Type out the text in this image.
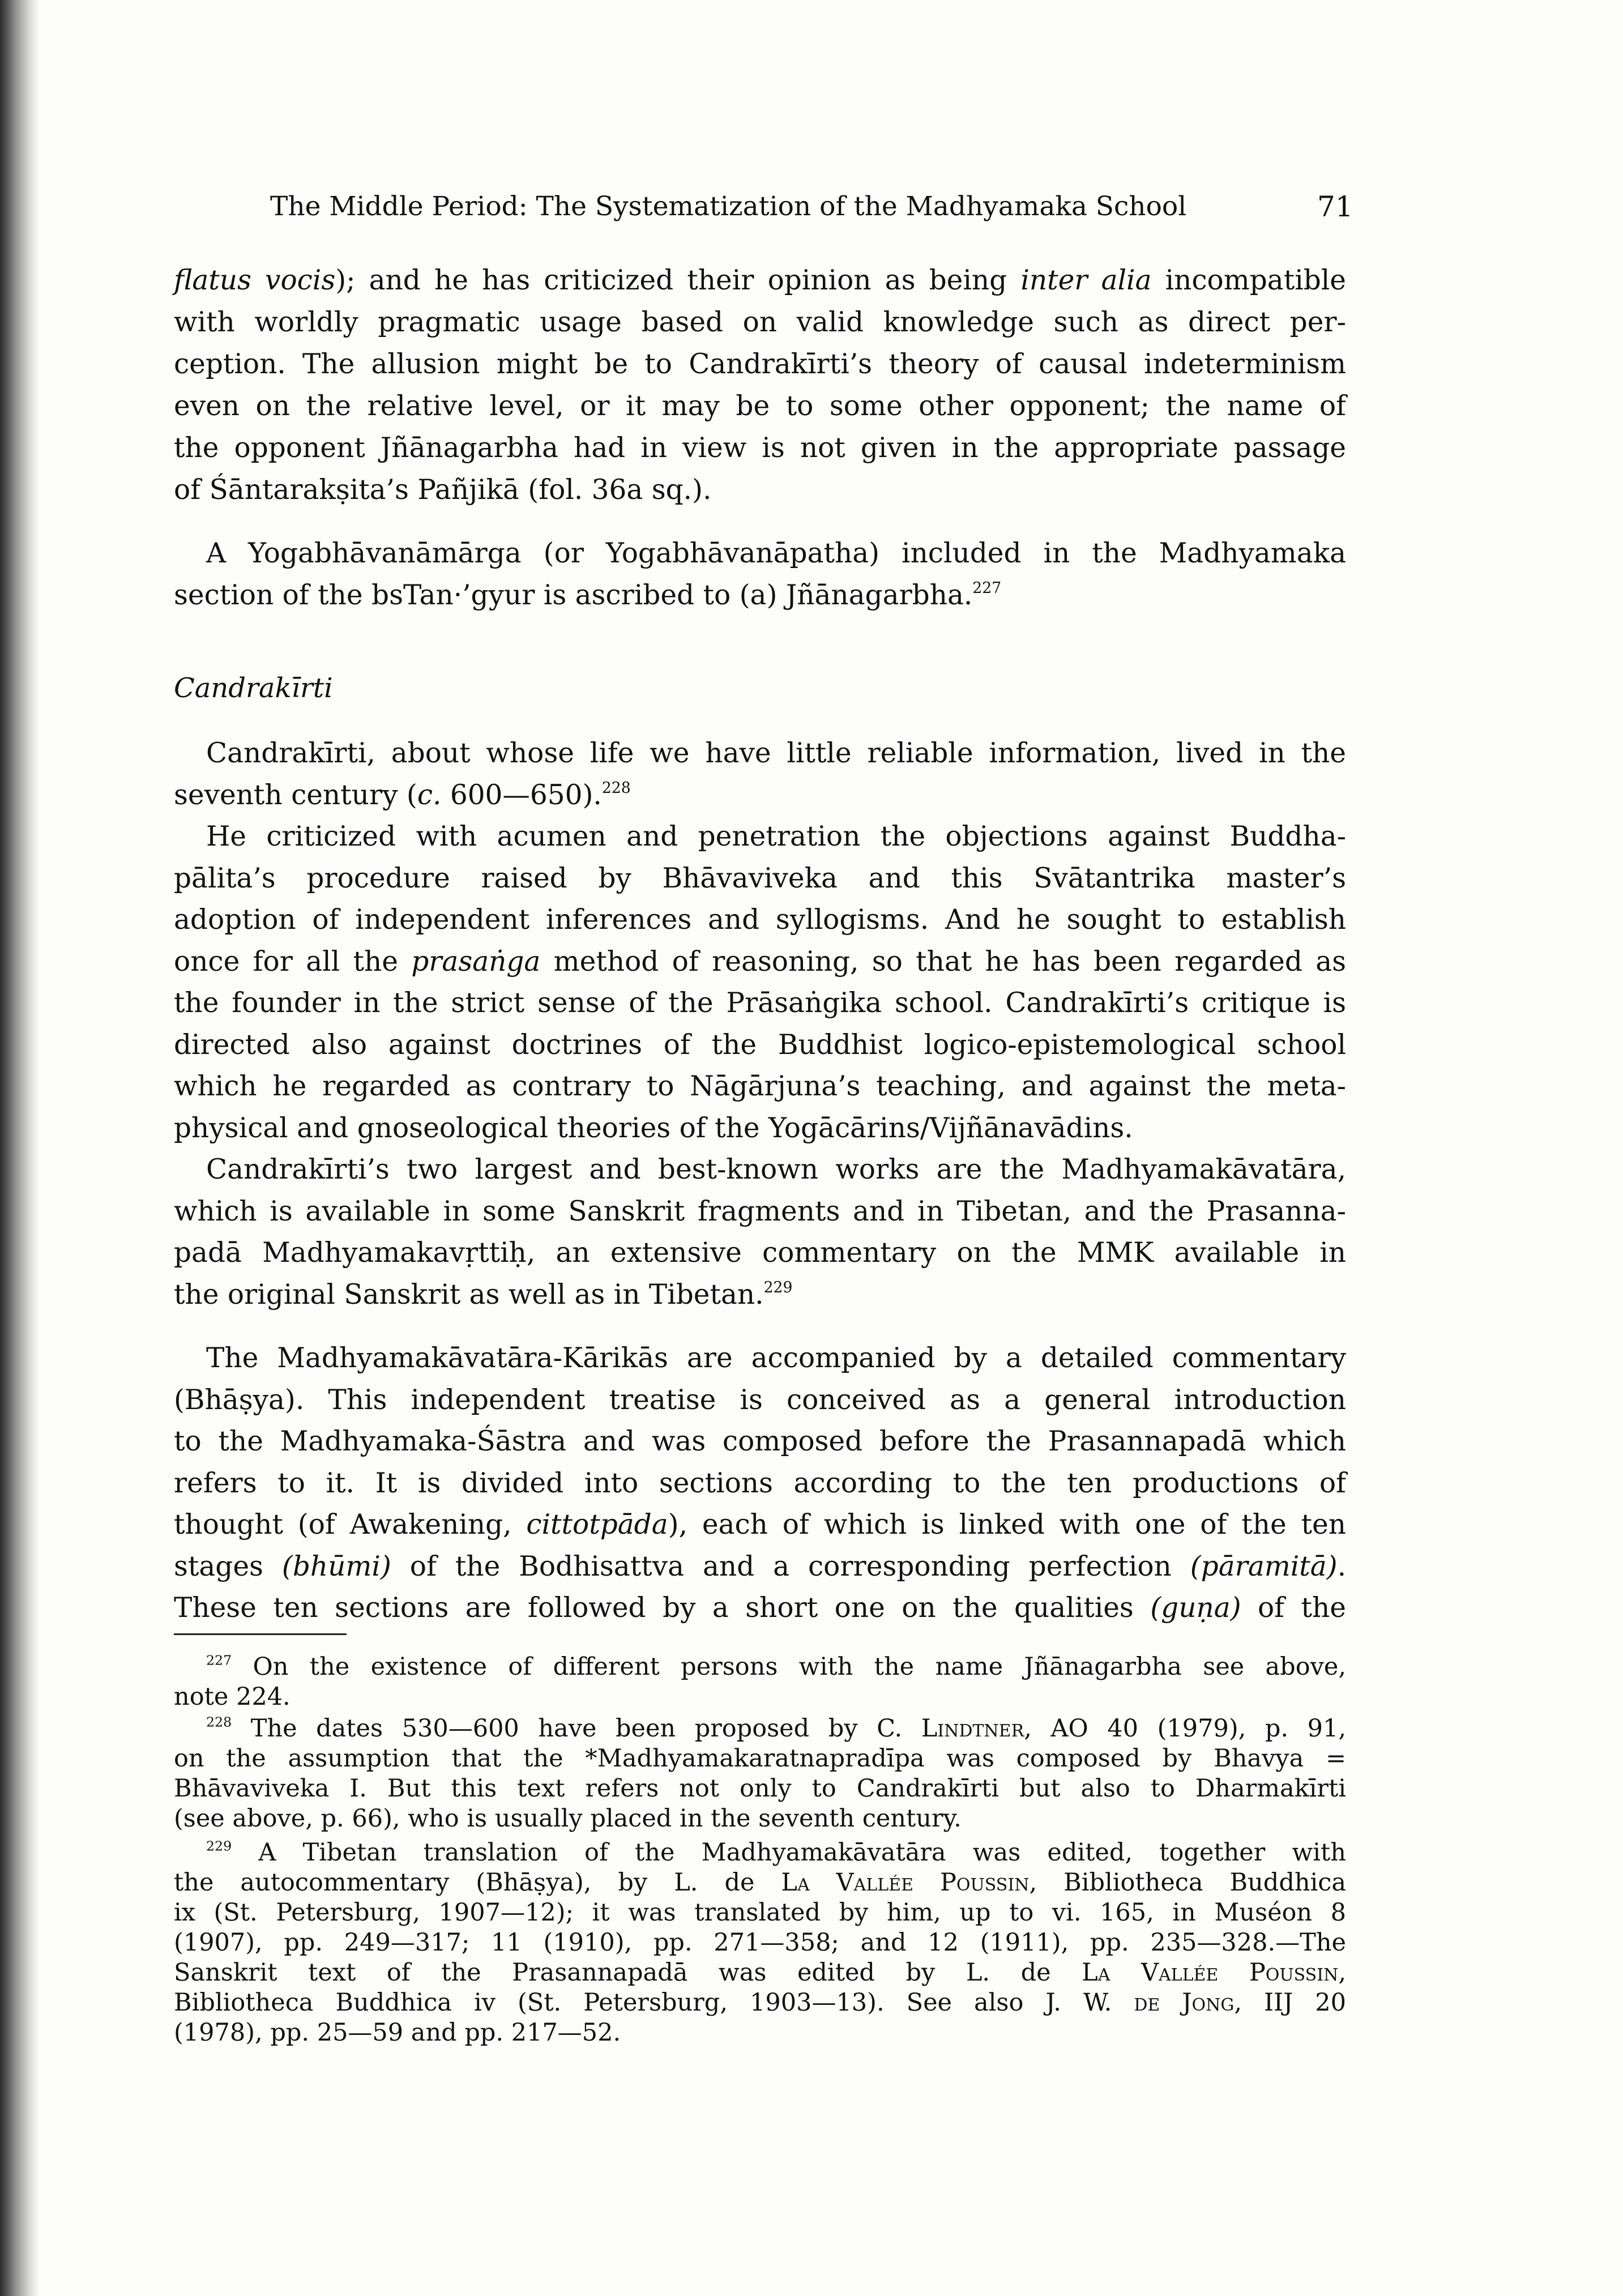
The Middle Period: The Systematization of the Madhyamaka School	71
flatus vocis); and he has criticized their opinion as being inter alia incompatible
with worldly pragmatic usage based on valid knowledge such as direct per-
ception. The allusion might be to Candrakīrti’s theory of causal indeterminism
even on the relative level, or it may be to some other opponent; the name of
the opponent Jñānagarbha had in view is not given in the appropriate passage
of Śāntarakṣita’s Pañjikā (fol. 36a sq.).
A Yogabhāvanāmārga (or Yogabhāvanāpatha) included in the Madhyamaka
section of the bsTan·’gyur is ascribed to (a) Jñānagarbha.$^{227}$
Candrakīrti
Candrakīrti, about whose life we have little reliable information, lived in the
seventh century (c. 600—650).$^{228}$
He criticized with acumen and penetration the objections against Buddha-
pālita’s procedure raised by Bhāvaviveka and this Svātantrika master’s
adoption of independent inferences and syllogisms. And he sought to establish
once for all the prasaṅga method of reasoning, so that he has been regarded as
the founder in the strict sense of the Prāsaṅgika school. Candrakīrti’s critique is
directed also against doctrines of the Buddhist logico-epistemological school
which he regarded as contrary to Nāgārjuna’s teaching, and against the meta-
physical and gnoseological theories of the Yogācārins/Vijñānavādins.
Candrakīrti’s two largest and best-known works are the Madhyamakāvatāra,
which is available in some Sanskrit fragments and in Tibetan, and the Prasanna-
padā Madhyamakavṛttiḥ, an extensive commentary on the MMK available in
the original Sanskrit as well as in Tibetan.$^{229}$
The Madhyamakāvatāra-Kārikās are accompanied by a detailed commentary
(Bhāṣya). This independent treatise is conceived as a general introduction
to the Madhyamaka-Śāstra and was composed before the Prasannapadā which
refers to it. It is divided into sections according to the ten productions of
thought (of Awakening, cittotpāda), each of which is linked with one of the ten
stages (bhūmi) of the Bodhisattva and a corresponding perfection (pāramitā).
These ten sections are followed by a short one on the qualities (guṇa) of the
$^{227}$ On the existence of different persons with the name Jñānagarbha see above,
note 224.
$^{228}$ The dates 530—600 have been proposed by C. Lindtner, AO 40 (1979), p. 91,
on the assumption that the *Madhyamakaratnapradīpa was composed by Bhavya =
Bhāvaviveka I. But this text refers not only to Candrakīrti but also to Dharmakīrti
(see above, p. 66), who is usually placed in the seventh century.
$^{229}$ A Tibetan translation of the Madhyamakāvatāra was edited, together with
the autocommentary (Bhāṣya), by L. de La Vallée Poussin, Bibliotheca Buddhica
ix (St. Petersburg, 1907—12); it was translated by him, up to vi. 165, in Muséon 8
(1907), pp. 249—317; 11 (1910), pp. 271—358; and 12 (1911), pp. 235—328.—The
Sanskrit text of the Prasannapadā was edited by L. de La Vallée Poussin,
Bibliotheca Buddhica iv (St. Petersburg, 1903—13). See also J. W. de Jong, IIJ 20
(1978), pp. 25—59 and pp. 217—52.
